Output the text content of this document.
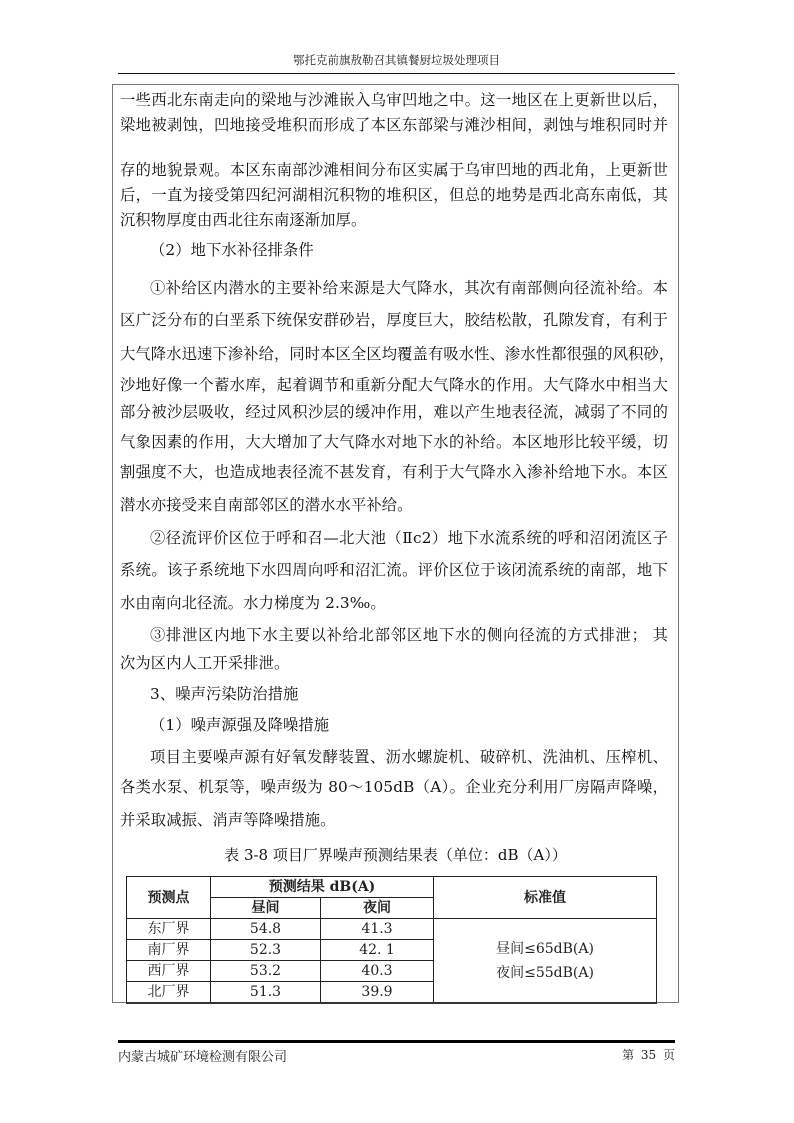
鄂托克前旗敖勒召其镇餐厨垃圾处理项目
一些西北东南走向的梁地与沙滩嵌入乌审凹地之中。这一地区在上更新世以后，
梁地被剥蚀，凹地接受堆积而形成了本区东部梁与滩沙相间，剥蚀与堆积同时并
存的地貌景观。本区东南部沙滩相间分布区实属于乌审凹地的西北角，上更新世
后，一直为接受第四纪河湖相沉积物的堆积区，但总的地势是西北高东南低，其
沉积物厚度由西北往东南逐渐加厚。
（2）地下水补径排条件
①补给区内潜水的主要补给来源是大气降水，其次有南部侧向径流补给。本
区广泛分布的白垩系下统保安群砂岩，厚度巨大，胶结松散，孔隙发育，有利于
大气降水迅速下渗补给，同时本区全区均覆盖有吸水性、渗水性都很强的风积砂，
沙地好像一个蓄水库，起着调节和重新分配大气降水的作用。大气降水中相当大
部分被沙层吸收，经过风积沙层的缓冲作用，难以产生地表径流，减弱了不同的
气象因素的作用，大大增加了大气降水对地下水的补给。本区地形比较平缓，切
割强度不大，也造成地表径流不甚发育，有利于大气降水入渗补给地下水。本区
潜水亦接受来自南部邻区的潜水水平补给。
②径流评价区位于呼和召—北大池（Ⅱc2）地下水流系统的呼和沼闭流区子
系统。该子系统地下水四周向呼和沼汇流。评价区位于该闭流系统的南部，地下
水由南向北径流。水力梯度为 2.3‰。
③排泄区内地下水主要以补给北部邻区地下水的侧向径流的方式排泄； 其
次为区内人工开采排泄。
3、噪声污染防治措施
（1）噪声源强及降噪措施
项目主要噪声源有好氧发酵装置、沥水螺旋机、破碎机、洗油机、压榨机、
各类水泵、机泵等，噪声级为 80～105dB（A）。企业充分利用厂房隔声降噪，
并采取减振、消声等降噪措施。
表 3-8 项目厂界噪声预测结果表（单位：dB（A））
预测点	预测结果 dB(A)		标准值
	昼间	夜间	
东厂界	54.8	41.3	昼间≤65dB(A)
夜间≤55dB(A)

南厂界	52.3	42. 1	
西厂界	53.2	40.3	
北厂界	51.3	39.9	
内蒙古城矿环境检测有限公司	第 35 页
